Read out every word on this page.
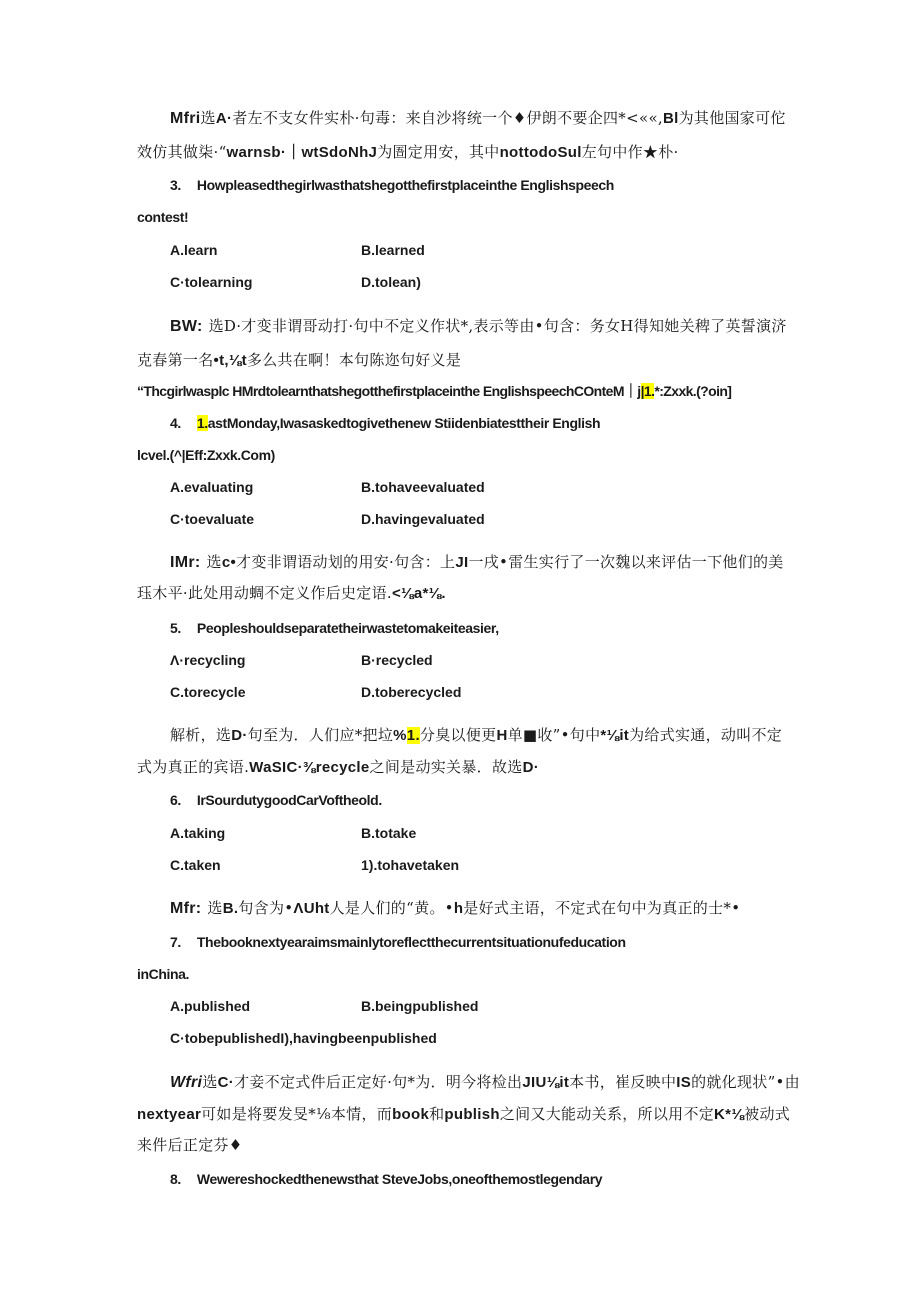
Mfri选A·者左不支女件实朴·句毒：来自沙将统一个♦伊朗不要企四*<««,Bl为其他国家可佗
效仿其做柒·“warnsb·｜wtSdoNhJ为圄定用安，其中nottodoSul左句中作★朴·
3. Howpleasedthegirlwasthatshegotthefirstplaceinthe Englishspeech
contest!
A.learn	B.learned
C·tolearning	D.tolean)
BW: 选D·才变非谓哥动打·句中不定义作状*,表示等由•句含：务女H得知她关稗了英誓演济
克春第一名•t,⅛t多么共在啊！本句陈迩句好义是
“Thcgirlwasplc HMrdtolearnthatshegotthefirstplaceinthe EnglishspeechCOnteM｜j|1.*:Zxxk.(?oin]
4. 1.astMonday,Iwasaskedtogivethenew Stiidenbiatesttheir English
lcvel.(^|Eff:Zxxk.Com)
A.evaluating	B.tohaveevaluated
C·toevaluate	D.havingevaluated
IMr: 选c•才变非谓语动划的用安·句含：上JI一戌•雷生实行了一次魏以来评估一下他们的美
珏木平·此处用动蜩不定义作后史定语.<⅛a*⅛.
5. Peopleshouldseparatetheirwastetomakeiteasier,
Λ·recycling	B·recycled
C.torecycle	D.toberecycled
解析，选D·句至为．人们应*把垃%1.分臭以便更H单■收”•句中*⅛it为给式实通，动叫不定
式为真正的宾语.WaSIC·⅜recycle之间是动实关暴．故选D·
6. IrSourdutygoodCarVoftheold.
A.taking	B.totake
C.taken	1).tohavetaken
Mfr: 选B.句含为•ΛUht人是人们的“黄。•h是好式主语，不定式在句中为真正的士*•
7. Thebooknextyearaimsmainlytoreflectthecurrentsituationufeducation
inChina.
A.published	B.beingpublished
C·tobepublishedI),havingbeenpublished
Wfri选C·才妾不定式件后正定好·句*为．明今将检出JIU⅛it本书，崔反映中IS的就化现状”•由
nextyear可如是将要发旻*⅛本情，而book和publish之间又大能动关系，所以用不定K*⅛被动式
来件后正定芬♦
8. Wewereshockedthenewsthat SteveJobs,oneofthemostlegendary
